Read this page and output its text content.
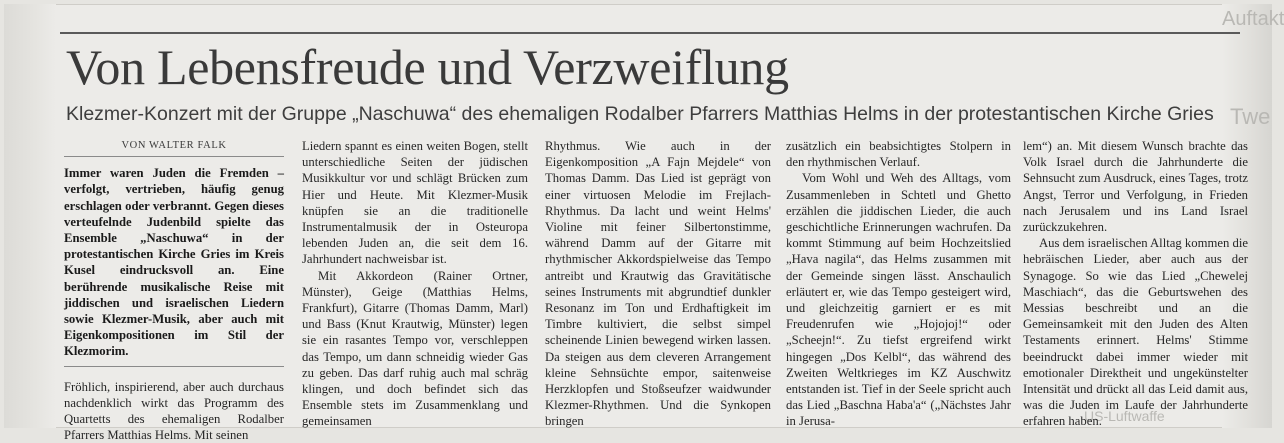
Auftakt
Twe
US-Luftwaffe
Von Lebensfreude und Verzweiflung
Klezmer-Konzert mit der Gruppe „Naschuwa“ des ehemaligen Rodalber Pfarrers Matthias Helms in der protestantischen Kirche Gries
VON WALTER FALK

Immer waren Juden die Fremden – verfolgt, vertrieben, häufig genug erschlagen oder verbrannt. Gegen dieses verteufelnde Judenbild spielte das Ensemble „Naschuwa“ in der protestantischen Kirche Gries im Kreis Kusel eindrucksvoll an. Eine berührende musikalische Reise mit jiddischen und israelischen Liedern sowie Klezmer-Musik, aber auch mit Eigenkompositionen im Stil der Klezmorim.

Fröhlich, inspirierend, aber auch durchaus nachdenklich wirkt das Programm des Quartetts des ehemaligen Rodalber Pfarrers Matthias Helms. Mit seinen

Liedern spannt es einen weiten Bogen, stellt unterschiedliche Seiten der jüdischen Musikkultur vor und schlägt Brücken zum Hier und Heute. Mit Klezmer-Musik knüpfen sie an die traditionelle Instrumentalmusik der in Osteuropa lebenden Juden an, die seit dem 16. Jahrhundert nachweisbar ist.

Mit Akkordeon (Rainer Ortner, Münster), Geige (Matthias Helms, Frankfurt), Gitarre (Thomas Damm, Marl) und Bass (Knut Krautwig, Münster) legen sie ein rasantes Tempo vor, verschleppen das Tempo, um dann schneidig wieder Gas zu geben. Das darf ruhig auch mal schräg klingen, und doch befindet sich das Ensemble stets im Zusammenklang und gemeinsamen

Rhythmus. Wie auch in der Eigenkomposition „A Fajn Mejdele“ von Thomas Damm. Das Lied ist geprägt von einer virtuosen Melodie im Frejlach-Rhythmus. Da lacht und weint Helms' Violine mit feiner Silbertonstimme, während Damm auf der Gitarre mit rhythmischer Akkordspielweise das Tempo antreibt und Krautwig das Gravitätische seines Instruments mit abgrundtief dunkler Resonanz im Ton und Erdhaftigkeit im Timbre kultiviert, die selbst simpel scheinende Linien bewegend wirken lassen. Da steigen aus dem cleveren Arrangement kleine Sehnsüchte empor, saitenweise Herzklopfen und Stoßseufzer waidwunder Klezmer-Rhythmen. Und die Synkopen bringen

zusätzlich ein beabsichtigtes Stolpern in den rhythmischen Verlauf.

Vom Wohl und Weh des Alltags, vom Zusammenleben in Schtetl und Ghetto erzählen die jiddischen Lieder, die auch geschichtliche Erinnerungen wachrufen. Da kommt Stimmung auf beim Hochzeitslied „Hava nagila“, das Helms zusammen mit der Gemeinde singen lässt. Anschaulich erläutert er, wie das Tempo gesteigert wird, und gleichzeitig garniert er es mit Freudenrufen wie „Hojojoj!“ oder „Scheejn!“. Zu tiefst ergreifend wirkt hingegen „Dos Kelbl“, das während des Zweiten Weltkrieges im KZ Auschwitz entstanden ist. Tief in der Seele spricht auch das Lied „Baschna Haba'a“ („Nächstes Jahr in Jerusa-

lem“) an. Mit diesem Wunsch brachte das Volk Israel durch die Jahrhunderte die Sehnsucht zum Ausdruck, eines Tages, trotz Angst, Terror und Verfolgung, in Frieden nach Jerusalem und ins Land Israel zurückzukehren.

Aus dem israelischen Alltag kommen die hebräischen Lieder, aber auch aus der Synagoge. So wie das Lied „Chewelej Maschiach“, das die Geburtswehen des Messias beschreibt und an die Gemeinsamkeit mit den Juden des Alten Testaments erinnert. Helms' Stimme beeindruckt dabei immer wieder mit emotionaler Direktheit und ungekünstelter Intensität und drückt all das Leid damit aus, was die Juden im Laufe der Jahrhunderte erfahren haben.
